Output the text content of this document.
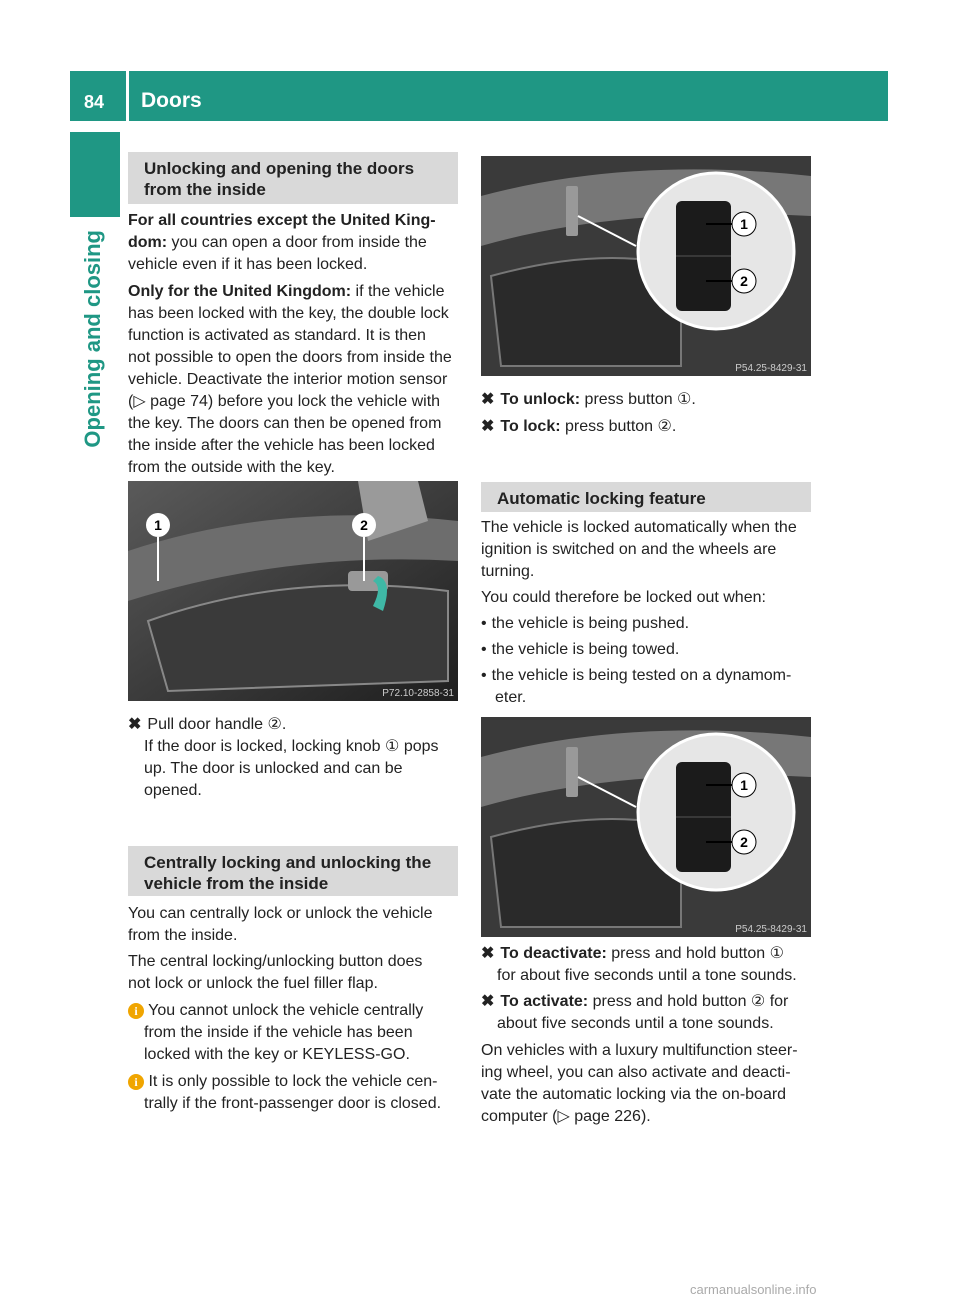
84 Doors
Opening and closing
Unlocking and opening the doors
from the inside
For all countries except the United King-
dom: you can open a door from inside the
vehicle even if it has been locked.
Only for the United Kingdom: if the vehicle
has been locked with the key, the double lock
function is activated as standard. It is then
not possible to open the doors from inside the
vehicle. Deactivate the interior motion sensor
(▷ page 74) before you lock the vehicle with
the key. The doors can then be opened from
the inside after the vehicle has been locked
from the outside with the key.
1	2
P72.10-2858-31
✖ Pull door handle ②.
If the door is locked, locking knob ① pops
up. The door is unlocked and can be
opened.
Centrally locking and unlocking the
vehicle from the inside
You can centrally lock or unlock the vehicle
from the inside.
The central locking/unlocking button does
not lock or unlock the fuel filler flap.
i You cannot unlock the vehicle centrally
from the inside if the vehicle has been
locked with the key or KEYLESS-GO.
i It is only possible to lock the vehicle cen-
trally if the front-passenger door is closed.
1
2
P54.25-8429-31
✖ To unlock: press button ①.
✖ To lock: press button ②.
Automatic locking feature
The vehicle is locked automatically when the
ignition is switched on and the wheels are
turning.
You could therefore be locked out when:
• the vehicle is being pushed.
• the vehicle is being towed.
• the vehicle is being tested on a dynamom-
eter.
1
2
P54.25-8429-31
✖ To deactivate: press and hold button ①
for about five seconds until a tone sounds.
✖ To activate: press and hold button ② for
about five seconds until a tone sounds.
On vehicles with a luxury multifunction steer-
ing wheel, you can also activate and deacti-
vate the automatic locking via the on-board
computer (▷ page 226).
carmanualsonline.info
